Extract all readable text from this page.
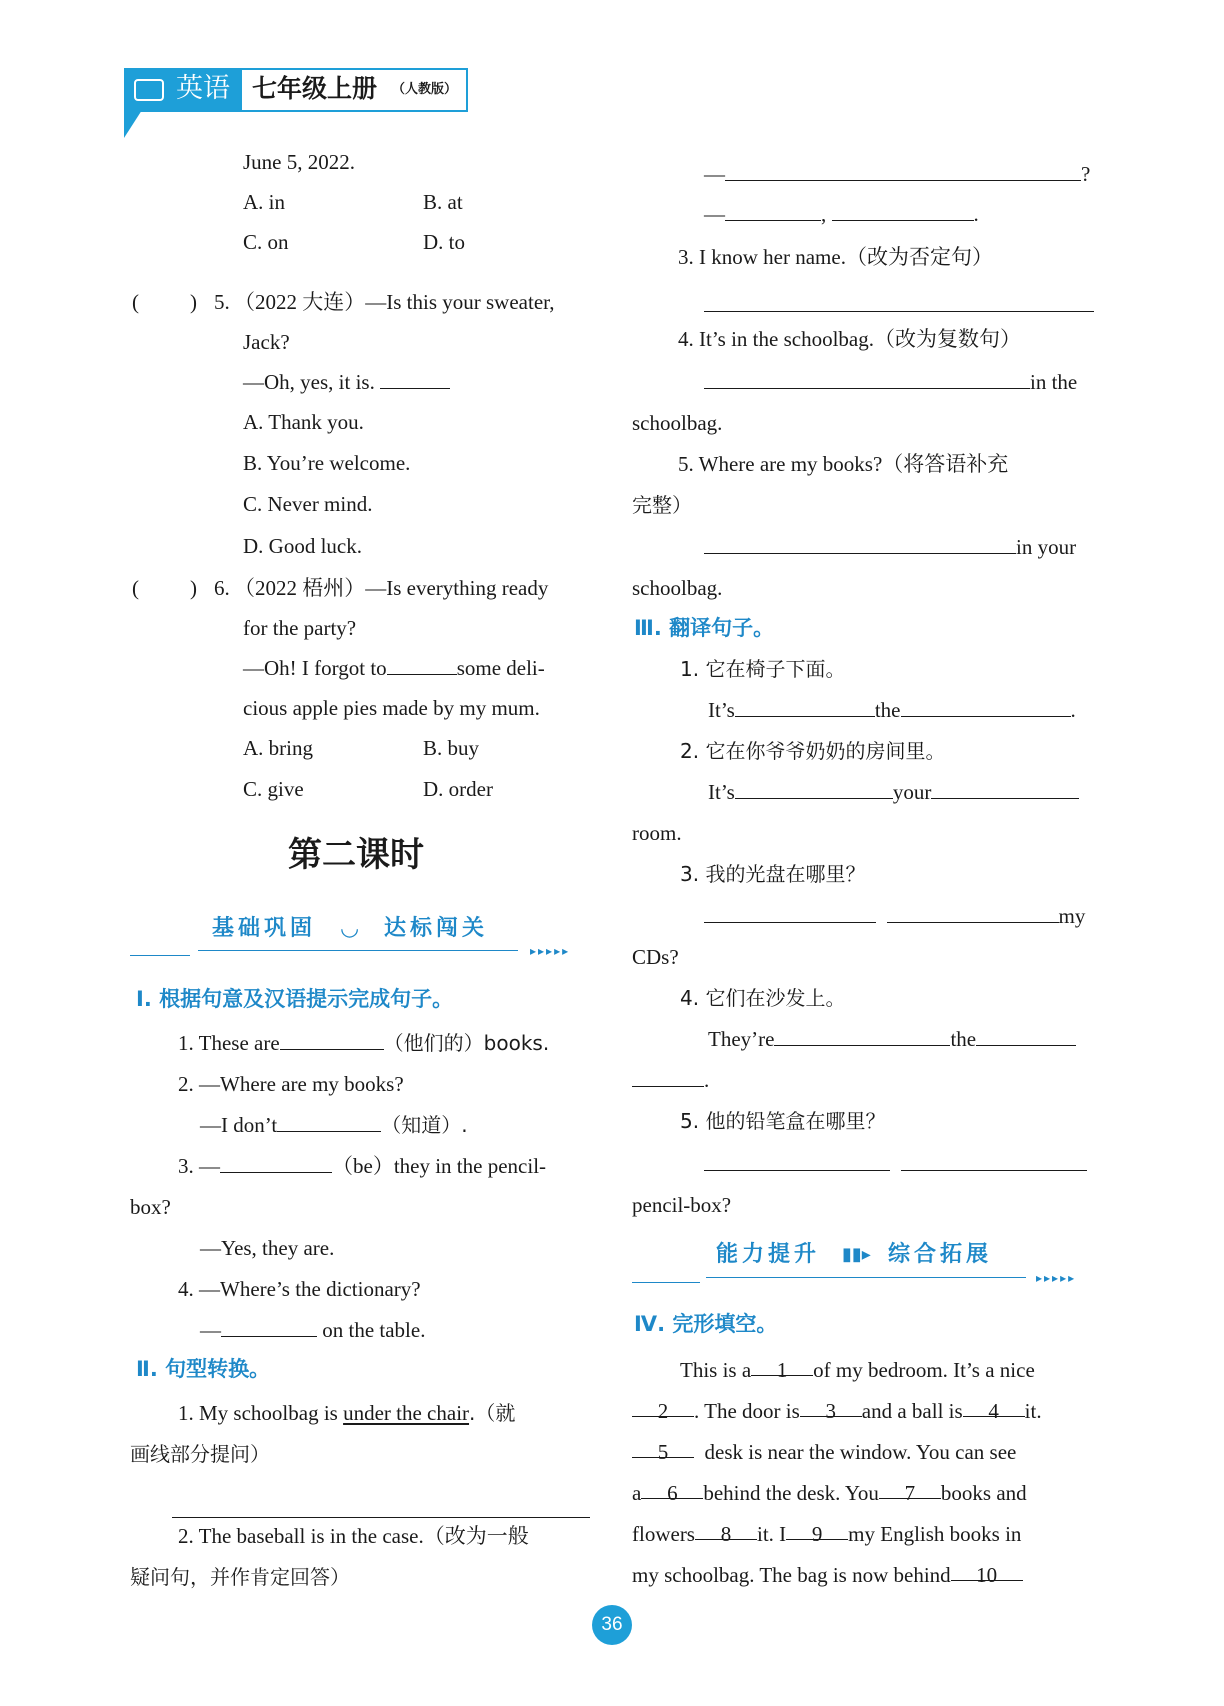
英语 七年级上册 （人教版）
June 5, 2022.
A. in	B. at
C. on	D. to
( ) 5. （2022 大连）—Is this your sweater,
Jack?
—Oh, yes, it is.
A. Thank you.
B. You’re welcome.
C. Never mind.
D. Good luck.
( ) 6. （2022 梧州）—Is everything ready
for the party?
—Oh! I forgot to	some deli-
cious apple pies made by my mum.
A. bring	B. buy
C. give	D. order
第二课时
基础巩固 ◡ 达标闯关
▸▸▸▸▸
Ⅰ. 根据句意及汉语提示完成句子。
1. These are	（他们的）books.
2. —Where are my books?
—I don’t	（知道）.
3. —	（be）they in the pencil-
box?
—Yes, they are.
4. —Where’s the dictionary?
—	on the table.
Ⅱ. 句型转换。
1. My schoolbag is under the chair.（就
画线部分提问）
2. The baseball is in the case.（改为一般
疑问句，并作肯定回答）
—	?
—	,	.
3. I know her name.（改为否定句）
4. It’s in the schoolbag.（改为复数句）
in the
schoolbag.
5. Where are my books?（将答语补充
完整）
in your
schoolbag.
Ⅲ. 翻译句子。
1. 它在椅子下面。
It’s	the	.
2. 它在你爷爷奶奶的房间里。
It’s	your
room.
3. 我的光盘在哪里？
my
CDs?
4. 它们在沙发上。
They’re	the
.
5. 他的铅笔盒在哪里？

pencil-box?
能力提升 ▮▮▸ 综合拓展
▸▸▸▸▸
Ⅳ. 完形填空。
This is a 1 of my bedroom. It’s a nice
2 . The door is 3 and a ball is 4 it.
5 desk is near the window. You can see
a 6 behind the desk. You 7 books and
flowers 8 it. I 9 my English books in
my schoolbag. The bag is now behind 10
36
